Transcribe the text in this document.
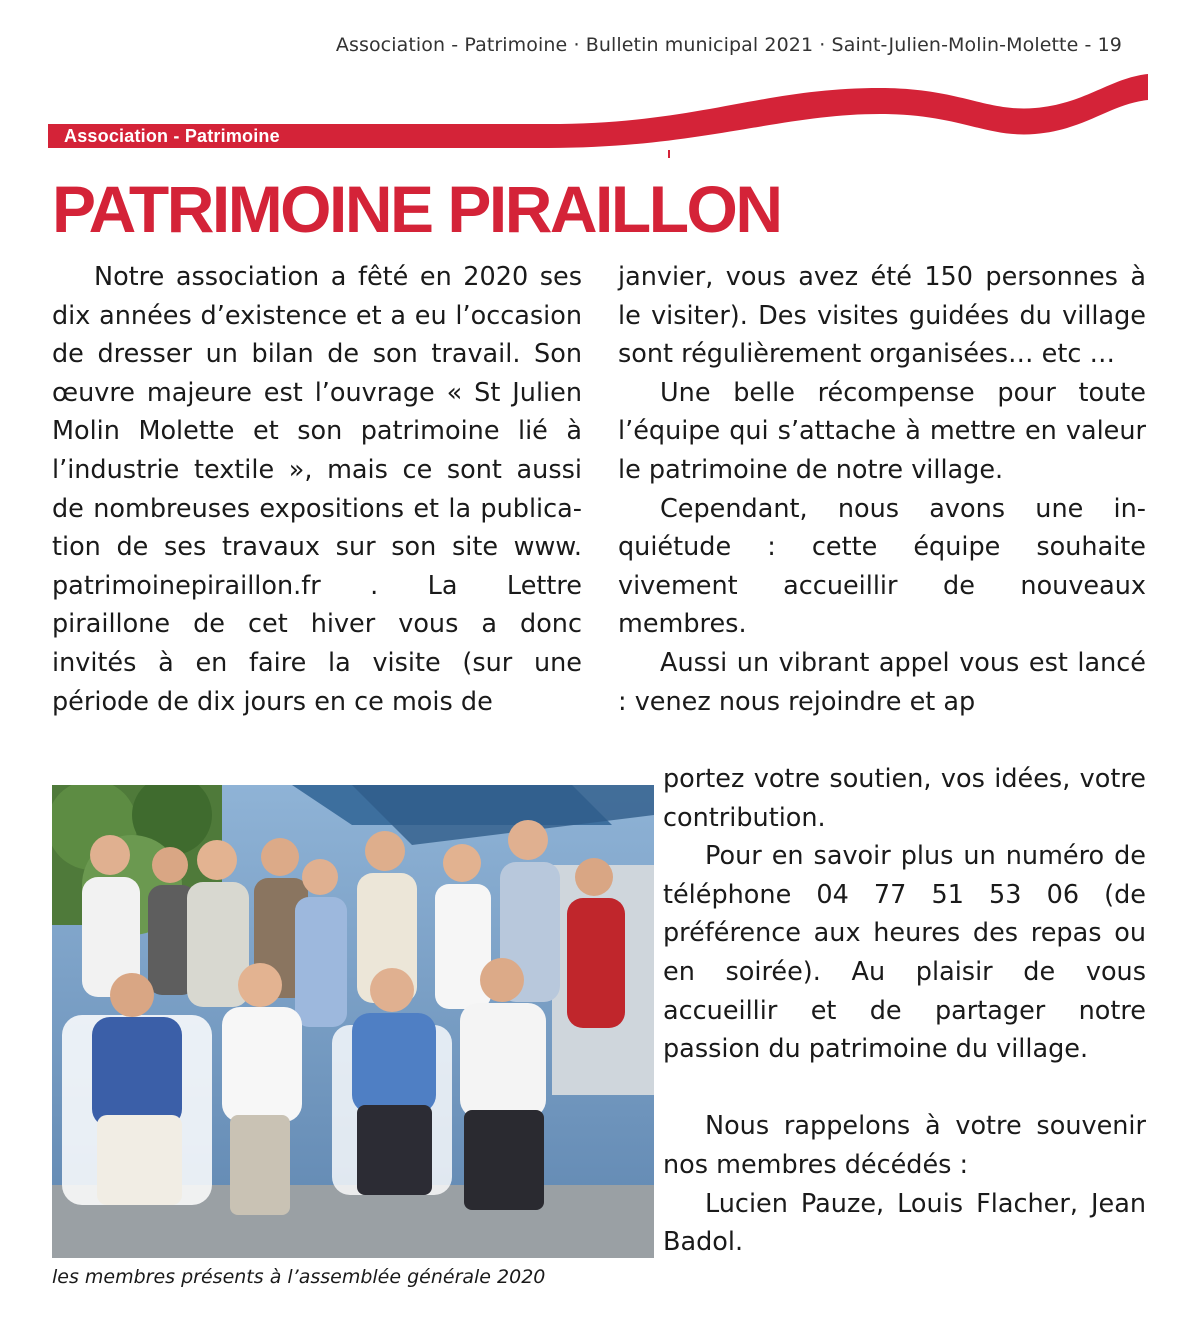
Association - Patrimoine · Bulletin municipal 2021 · Saint-Julien-Molin-Molette - 19
Association - Patrimoine
PATRIMOINE PIRAILLON

Notre association a fêté en 2020 ses dix années d’existence et a eu l’occasion de dresser un bilan de son travail. Son œuvre majeure est l’ouvrage « St Julien Molin Molette et son patrimoine lié à l’industrie textile », mais ce sont aussi de nombreuses expositions et la publication de ses travaux sur son site www. patrimoinepiraillon.fr . La Lettre piraillone de cet hiver vous a donc invités à en faire la visite (sur une période de dix jours en ce mois de

janvier, vous avez été 150 personnes à le visiter). Des visites guidées du village sont régulièrement organisées… etc …

Une belle récompense pour toute l’équipe qui s’attache à mettre en valeur le patrimoine de notre village.

Cependant, nous avons une inquiétude : cette équipe souhaite vivement accueillir de nouveaux membres.

Aussi un vibrant appel vous est lancé : venez nous rejoindre et ap

portez votre soutien, vos idées, votre contribution.

Pour en savoir plus un numéro de téléphone 04 77 51 53 06 (de préférence aux heures des repas ou en soirée). Au plaisir de vous accueillir et de partager notre passion du patrimoine du village.

Nous rappelons à votre souvenir nos membres décédés :

Lucien Pauze, Louis Flacher, Jean Badol.

les membres présents à l’assemblée générale 2020
